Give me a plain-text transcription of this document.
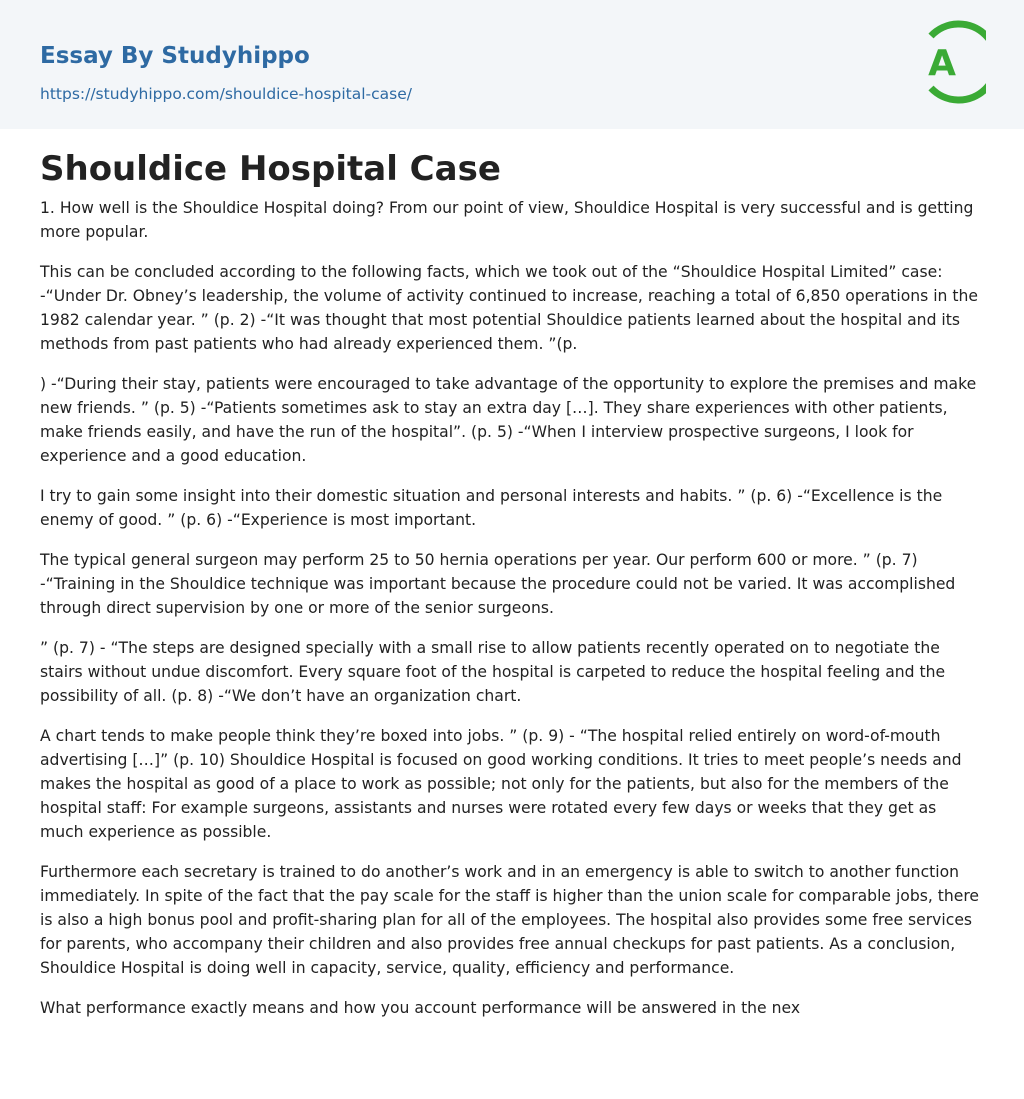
Essay By Studyhippo
https://studyhippo.com/shouldice-hospital-case/
A
Shouldice Hospital Case

1. How well is the Shouldice Hospital doing? From our point of view, Shouldice Hospital is very successful and is getting more popular.

This can be concluded according to the following facts, which we took out of the “Shouldice Hospital Limited” case: -“Under Dr. Obney’s leadership, the volume of activity continued to increase, reaching a total of 6,850 operations in the 1982 calendar year. ” (p. 2) -“It was thought that most potential Shouldice patients learned about the hospital and its methods from past patients who had already experienced them. ”(p.

) -“During their stay, patients were encouraged to take advantage of the opportunity to explore the premises and make new friends. ” (p. 5) -“Patients sometimes ask to stay an extra day […]. They share experiences with other patients, make friends easily, and have the run of the hospital”. (p. 5) -“When I interview prospective surgeons, I look for experience and a good education.

I try to gain some insight into their domestic situation and personal interests and habits. ” (p. 6) -“Excellence is the enemy of good. ” (p. 6) -“Experience is most important.

The typical general surgeon may perform 25 to 50 hernia operations per year. Our perform 600 or more. ” (p. 7) -“Training in the Shouldice technique was important because the procedure could not be varied. It was accomplished through direct supervision by one or more of the senior surgeons.

” (p. 7) - “The steps are designed specially with a small rise to allow patients recently operated on to negotiate the stairs without undue discomfort. Every square foot of the hospital is carpeted to reduce the hospital feeling and the possibility of all. (p. 8) -“We don’t have an organization chart.

A chart tends to make people think they’re boxed into jobs. ” (p. 9) - “The hospital relied entirely on word-of-mouth advertising […]” (p. 10) Shouldice Hospital is focused on good working conditions. It tries to meet people’s needs and makes the hospital as good of a place to work as possible; not only for the patients, but also for the members of the hospital staff: For example surgeons, assistants and nurses were rotated every few days or weeks that they get as much experience as possible.

Furthermore each secretary is trained to do another’s work and in an emergency is able to switch to another function immediately. In spite of the fact that the pay scale for the staff is higher than the union scale for comparable jobs, there is also a high bonus pool and profit-sharing plan for all of the employees. The hospital also provides some free services for parents, who accompany their children and also provides free annual checkups for past patients. As a conclusion, Shouldice Hospital is doing well in capacity, service, quality, efficiency and performance.

What performance exactly means and how you account performance will be answered in the nex
